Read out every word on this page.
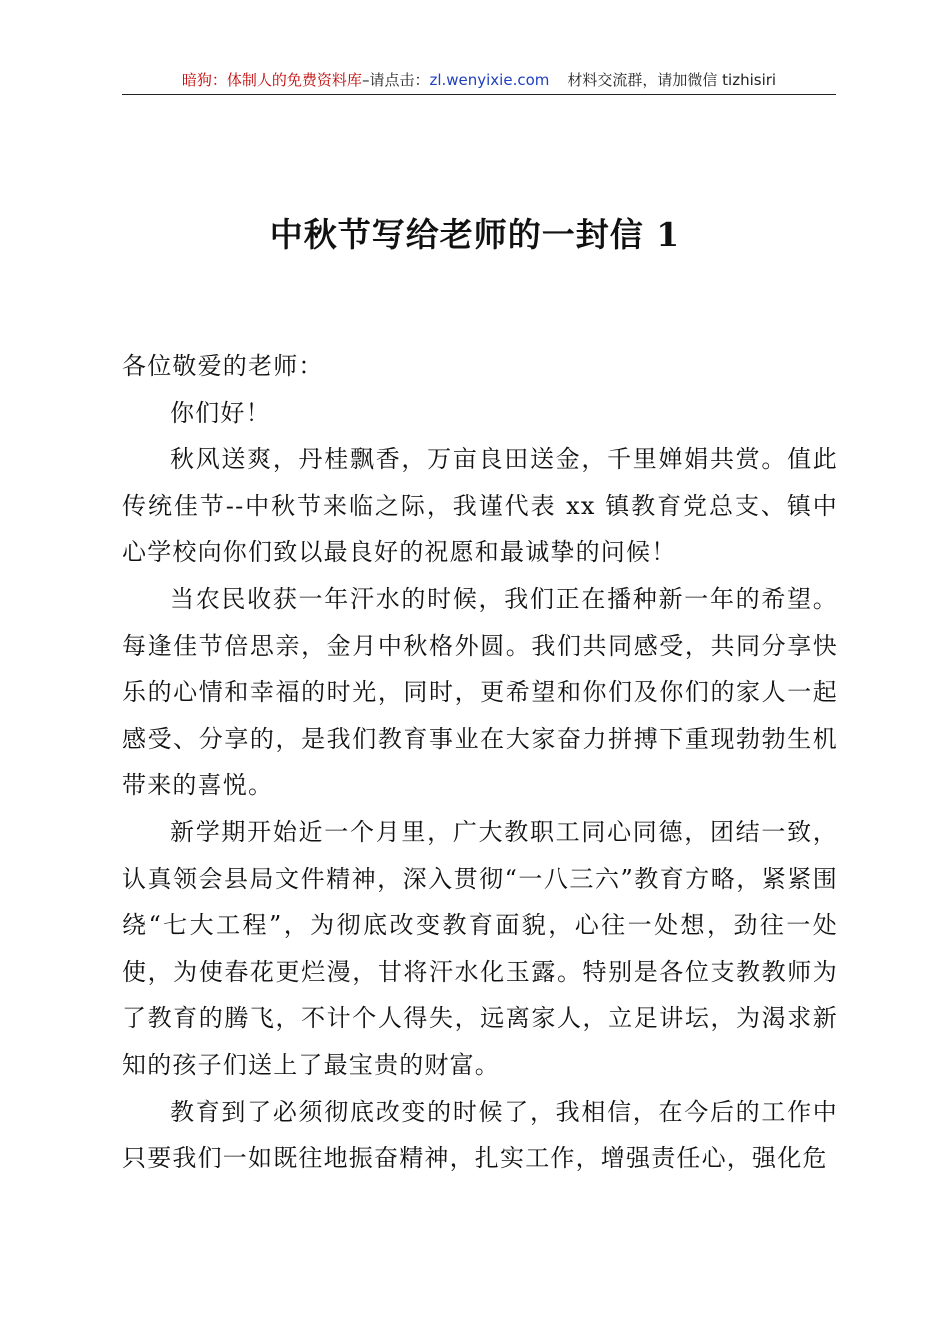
暗狗：体制人的免费资料库–请点击：zl.wenyixie.com 材料交流群，请加微信 tizhisiri
中秋节写给老师的一封信 1

各位敬爱的老师：

你们好！

秋风送爽，丹桂飘香，万亩良田送金，千里婵娟共赏。值此传统佳节--中秋节来临之际，我谨代表 xx 镇教育党总支、镇中心学校向你们致以最良好的祝愿和最诚挚的问候！

当农民收获一年汗水的时候，我们正在播种新一年的希望。每逢佳节倍思亲，金月中秋格外圆。我们共同感受，共同分享快乐的心情和幸福的时光，同时，更希望和你们及你们的家人一起感受、分享的，是我们教育事业在大家奋力拼搏下重现勃勃生机带来的喜悦。

新学期开始近一个月里，广大教职工同心同德，团结一致，认真领会县局文件精神，深入贯彻“一八三六”教育方略，紧紧围绕“七大工程”，为彻底改变教育面貌，心往一处想，劲往一处使，为使春花更烂漫，甘将汗水化玉露。特别是各位支教教师为了教育的腾飞，不计个人得失，远离家人，立足讲坛，为渴求新知的孩子们送上了最宝贵的财富。

教育到了必须彻底改变的时候了，我相信，在今后的工作中只要我们一如既往地振奋精神，扎实工作，增强责任心，强化危
